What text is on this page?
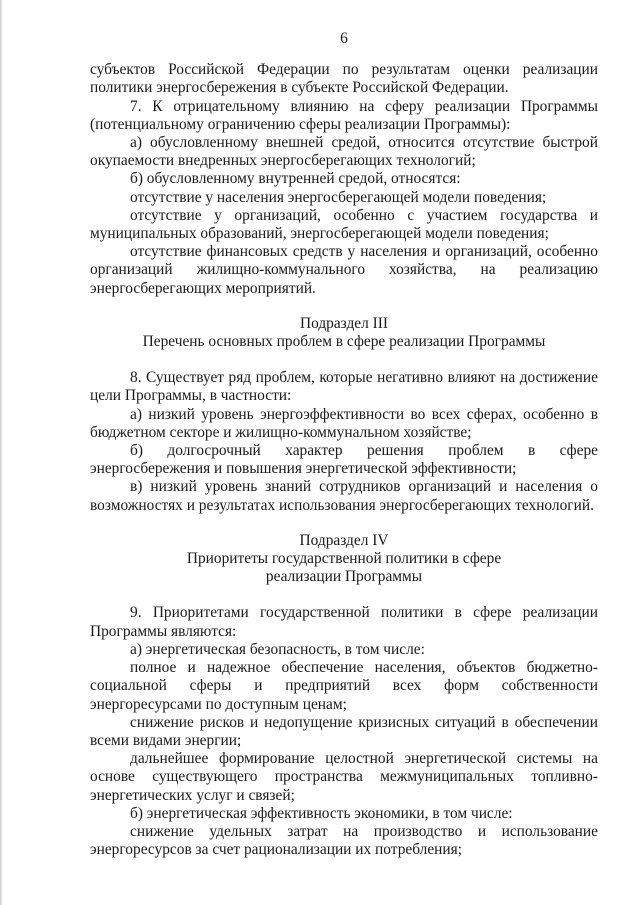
6

субъектов Российской Федерации по результатам оценки реализации политики энергосбережения в субъекте Российской Федерации.

7. К отрицательному влиянию на сферу реализации Программы (потенциальному ограничению сферы реализации Программы):

а) обусловленному внешней средой, относится отсутствие быстрой окупаемости внедренных энергосберегающих технологий;

б) обусловленному внутренней средой, относятся:

отсутствие у населения энергосберегающей модели поведения;

отсутствие у организаций, особенно с участием государства и муниципальных образований, энергосберегающей модели поведения;

отсутствие финансовых средств у населения и организаций, особенно организаций жилищно-коммунального хозяйства, на реализацию энергосберегающих мероприятий.

Подраздел III
Перечень основных проблем в сфере реализации Программы

8. Существует ряд проблем, которые негативно влияют на достижение цели Программы, в частности:

а) низкий уровень энергоэффективности во всех сферах, особенно в бюджетном секторе и жилищно-коммунальном хозяйстве;

б) долгосрочный характер решения проблем в сфере энергосбережения и повышения энергетической эффективности;

в) низкий уровень знаний сотрудников организаций и населения о возможностях и результатах использования энергосберегающих технологий.

Подраздел IV
Приоритеты государственной политики в сфере
реализации Программы

9. Приоритетами государственной политики в сфере реализации Программы являются:

а) энергетическая безопасность, в том числе:

полное и надежное обеспечение населения, объектов бюджетно-социальной сферы и предприятий всех форм собственности энергоресурсами по доступным ценам;

снижение рисков и недопущение кризисных ситуаций в обеспечении всеми видами энергии;

дальнейшее формирование целостной энергетической системы на основе существующего пространства межмуниципальных топливно-энергетических услуг и связей;

б) энергетическая эффективность экономики, в том числе:

снижение удельных затрат на производство и использование энергоресурсов за счет рационализации их потребления;
